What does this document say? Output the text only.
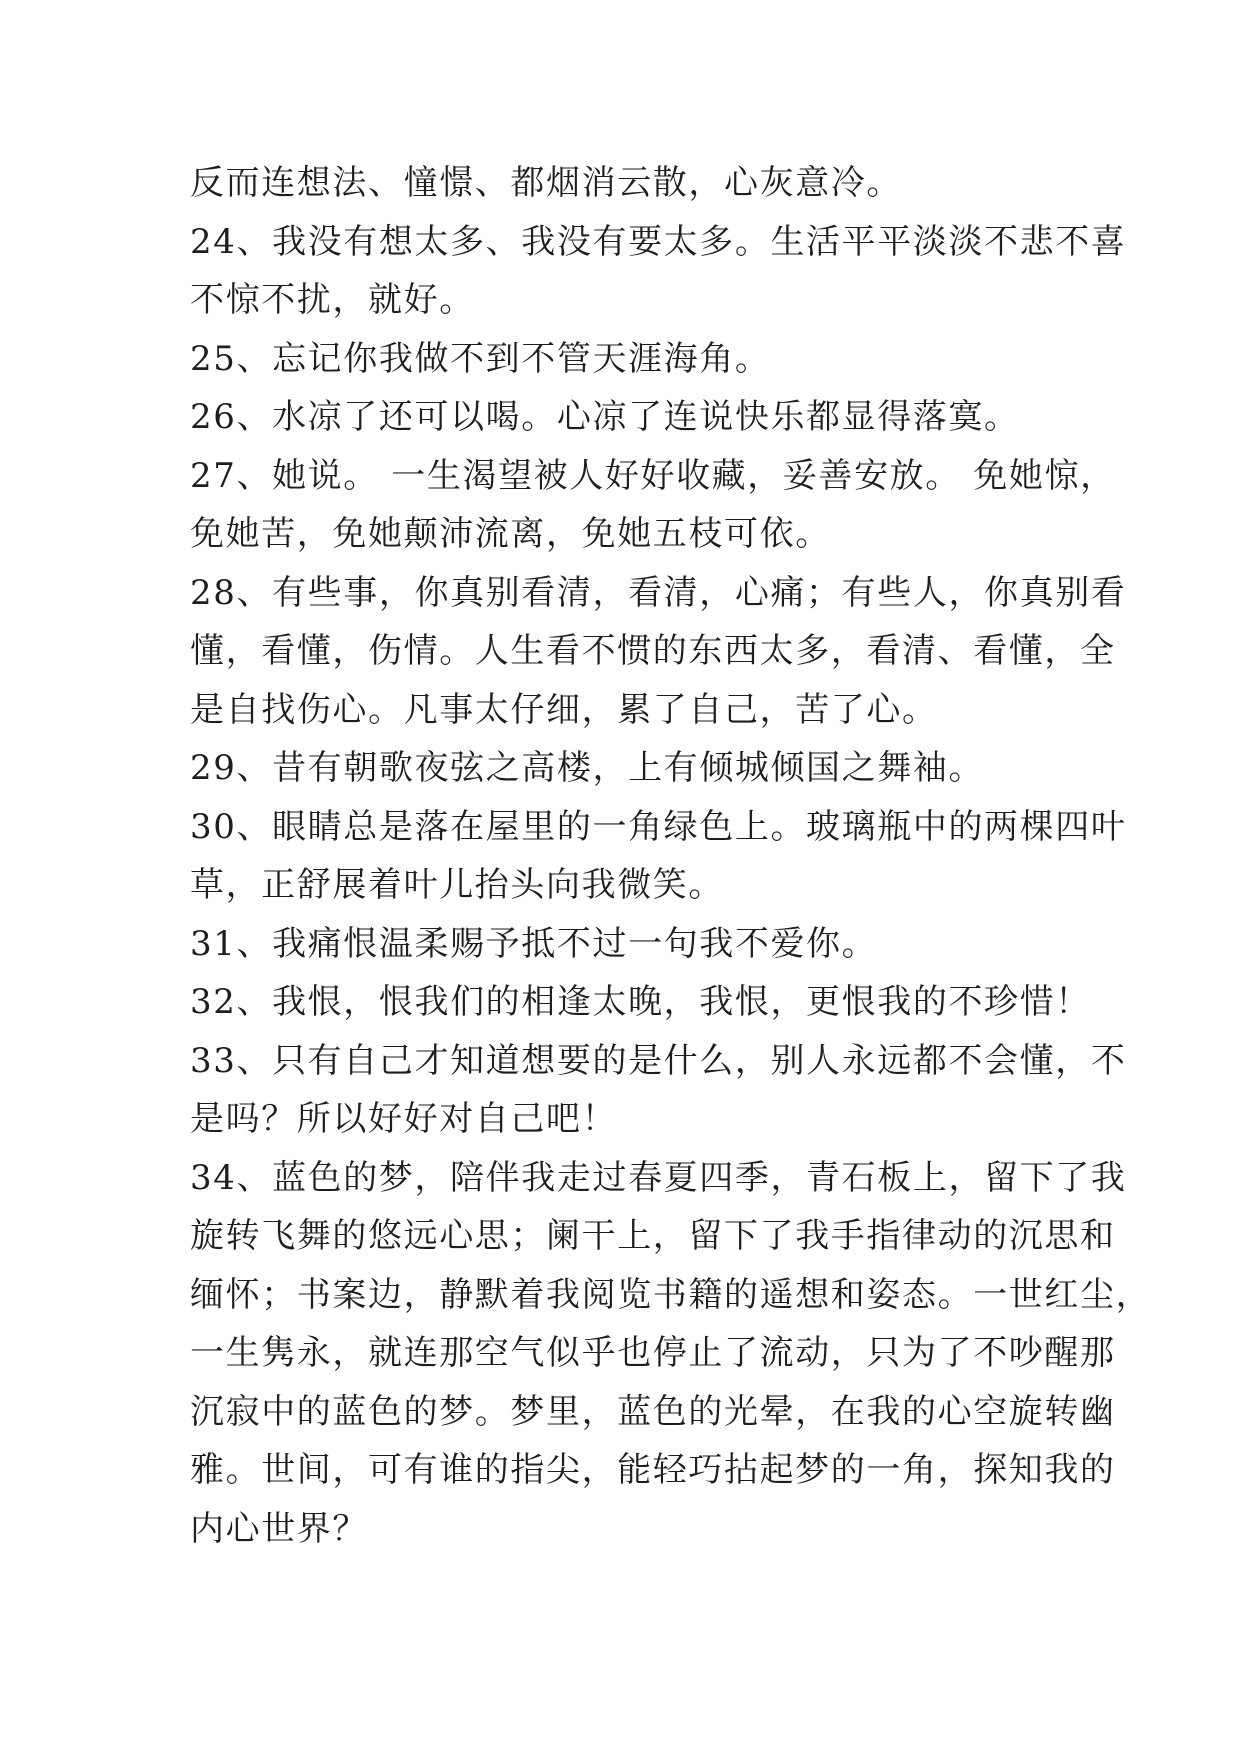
反而连想法、憧憬、都烟消云散，心灰意冷。
24、我没有想太多、我没有要太多。生活平平淡淡不悲不喜
不惊不扰，就好。
25、忘记你我做不到不管天涯海角。
26、水凉了还可以喝。心凉了连说快乐都显得落寞。
27、她说。 一生渴望被人好好收藏，妥善安放。 免她惊，
免她苦，免她颠沛流离，免她五枝可依。
28、有些事，你真别看清，看清，心痛；有些人，你真别看
懂，看懂，伤情。人生看不惯的东西太多，看清、看懂，全
是自找伤心。凡事太仔细，累了自己，苦了心。
29、昔有朝歌夜弦之高楼，上有倾城倾国之舞袖。
30、眼睛总是落在屋里的一角绿色上。玻璃瓶中的两棵四叶
草，正舒展着叶儿抬头向我微笑。
31、我痛恨温柔赐予抵不过一句我不爱你。
32、我恨，恨我们的相逢太晚，我恨，更恨我的不珍惜！
33、只有自己才知道想要的是什么，别人永远都不会懂，不
是吗？所以好好对自己吧！
34、蓝色的梦，陪伴我走过春夏四季，青石板上，留下了我
旋转飞舞的悠远心思；阑干上，留下了我手指律动的沉思和
缅怀；书案边，静默着我阅览书籍的遥想和姿态。一世红尘，
一生隽永，就连那空气似乎也停止了流动，只为了不吵醒那
沉寂中的蓝色的梦。梦里，蓝色的光晕，在我的心空旋转幽
雅。世间，可有谁的指尖，能轻巧拈起梦的一角，探知我的
内心世界？
